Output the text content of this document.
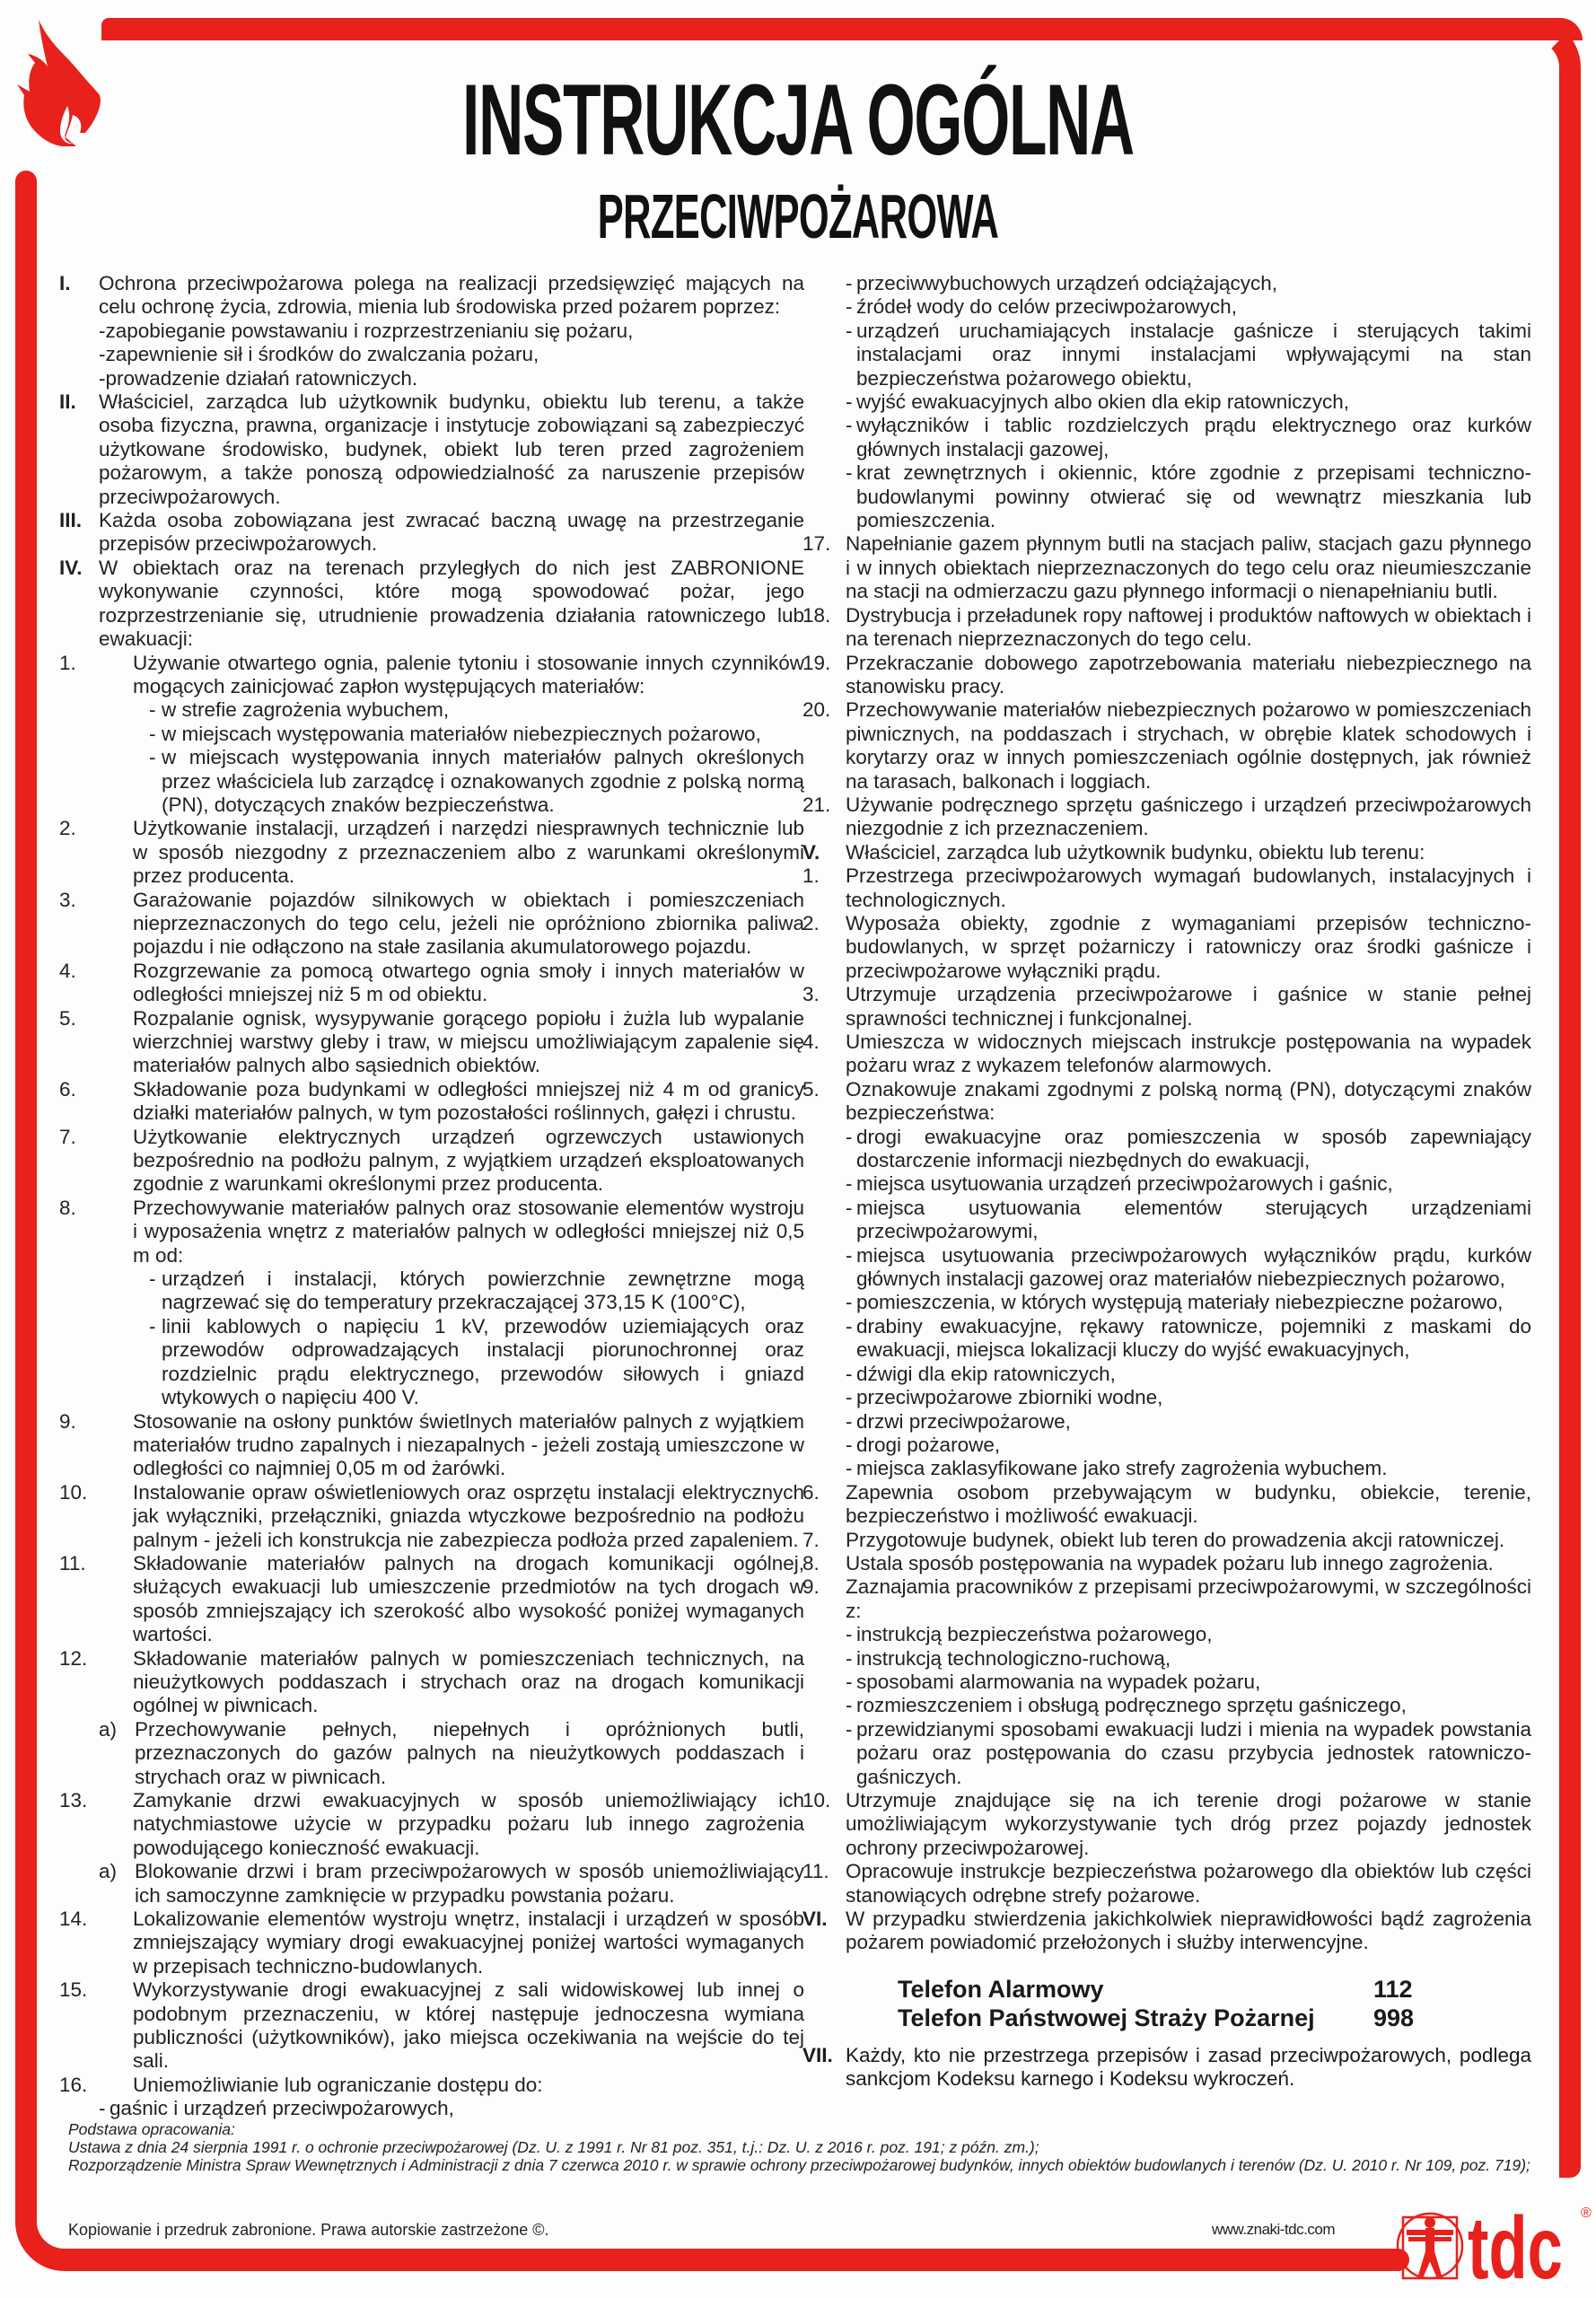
INSTRUKCJA OGÓLNA
PRZECIWPOŻAROWA
I.	Ochrona przeciwpożarowa polega na realizacji przedsięwzięć mających na celu ochronę życia, zdrowia, mienia lub środowiska przed pożarem poprzez:
-zapobieganie powstawaniu i rozprzestrzenianiu się pożaru,
-zapewnienie sił i środków do zwalczania pożaru,
-prowadzenie działań ratowniczych.
II.	Właściciel, zarządca lub użytkownik budynku, obiektu lub terenu, a także osoba fizyczna, prawna, organizacje i instytucje zobowiązani są zabezpieczyć użytkowane środowisko, budynek, obiekt lub teren przed zagrożeniem pożarowym, a także ponoszą odpowiedzialność za naruszenie przepisów przeciwpożarowych.
III. Każda osoba zobowiązana jest zwracać baczną uwagę na przestrzeganie przepisów przeciwpożarowych.
IV. W obiektach oraz na terenach przyległych do nich jest ZABRONIONE wykonywanie czynności, które mogą spowodować pożar, jego rozprzestrzenianie się, utrudnienie prowadzenia działania ratowniczego lub ewakuacji:
1.	Używanie otwartego ognia, palenie tytoniu i stosowanie innych czynników mogących zainicjować zapłon występujących materiałów:
- w strefie zagrożenia wybuchem,
- w miejscach występowania materiałów niebezpiecznych pożarowo,
- w miejscach występowania innych materiałów palnych określonych przez właściciela lub zarządcę i oznakowanych zgodnie z polską normą (PN), dotyczących znaków bezpieczeństwa.
2.	Użytkowanie instalacji, urządzeń i narzędzi niesprawnych technicznie lub w sposób niezgodny z przeznaczeniem albo z warunkami określonymi przez producenta.
3.	Garażowanie pojazdów silnikowych w obiektach i pomieszczeniach nieprzeznaczonych do tego celu, jeżeli nie opróżniono zbiornika paliwa pojazdu i nie odłączono na stałe zasilania akumulatorowego pojazdu.
4.	Rozgrzewanie za pomocą otwartego ognia smoły i innych materiałów w odległości mniejszej niż 5 m od obiektu.
5.	Rozpalanie ognisk, wysypywanie gorącego popiołu i żużla lub wypalanie wierzchniej warstwy gleby i traw, w miejscu umożliwiającym zapalenie się materiałów palnych albo sąsiednich obiektów.
6.	Składowanie poza budynkami w odległości mniejszej niż 4 m od granicy działki materiałów palnych, w tym pozostałości roślinnych, gałęzi i chrustu.
7.	Użytkowanie elektrycznych urządzeń ogrzewczych ustawionych bezpośrednio na podłożu palnym, z wyjątkiem urządzeń eksploatowanych zgodnie z warunkami określonymi przez producenta.
8.	Przechowywanie materiałów palnych oraz stosowanie elementów wystroju i wyposażenia wnętrz z materiałów palnych w odległości mniejszej niż 0,5 m od:
- urządzeń i instalacji, których powierzchnie zewnętrzne mogą nagrzewać się do temperatury przekraczającej 373,15 K (100°C),
- linii kablowych o napięciu 1 kV, przewodów uziemiających oraz przewodów odprowadzających instalacji piorunochronnej oraz rozdzielnic prądu elektrycznego, przewodów siłowych i gniazd wtykowych o napięciu 400 V.
9.	Stosowanie na osłony punktów świetlnych materiałów palnych z wyjątkiem materiałów trudno zapalnych i niezapalnych - jeżeli zostają umieszczone w odległości co najmniej 0,05 m od żarówki.
10.	Instalowanie opraw oświetleniowych oraz osprzętu instalacji elektrycznych jak wyłączniki, przełączniki, gniazda wtyczkowe bezpośrednio na podłożu palnym - jeżeli ich konstrukcja nie zabezpiecza podłoża przed zapaleniem.
11.	Składowanie materiałów palnych na drogach komunikacji ogólnej, służących ewakuacji lub umieszczenie przedmiotów na tych drogach w sposób zmniejszający ich szerokość albo wysokość poniżej wymaganych wartości.
12.	Składowanie materiałów palnych w pomieszczeniach technicznych, na nieużytkowych poddaszach i strychach oraz na drogach komunikacji ogólnej w piwnicach.
a) Przechowywanie pełnych, niepełnych i opróżnionych butli, przeznaczonych do gazów palnych na nieużytkowych poddaszach i strychach oraz w piwnicach.
13.	Zamykanie drzwi ewakuacyjnych w sposób uniemożliwiający ich natychmiastowe użycie w przypadku pożaru lub innego zagrożenia powodującego konieczność ewakuacji.
a) Blokowanie drzwi i bram przeciwpożarowych w sposób uniemożliwiający ich samoczynne zamknięcie w przypadku powstania pożaru.
14.	Lokalizowanie elementów wystroju wnętrz, instalacji i urządzeń w sposób zmniejszający wymiary drogi ewakuacyjnej poniżej wartości wymaganych w przepisach techniczno-budowlanych.
15.	Wykorzystywanie drogi ewakuacyjnej z sali widowiskowej lub innej o podobnym przeznaczeniu, w której następuje jednoczesna wymiana publiczności (użytkowników), jako miejsca oczekiwania na wejście do tej sali.
16.	Uniemożliwianie lub ograniczanie dostępu do:
- gaśnic i urządzeń przeciwpożarowych,
- przeciwwybuchowych urządzeń odciążających,
- źródeł wody do celów przeciwpożarowych,
- urządzeń uruchamiających instalacje gaśnicze i sterujących takimi instalacjami oraz innymi instalacjami wpływającymi na stan bezpieczeństwa pożarowego obiektu,
- wyjść ewakuacyjnych albo okien dla ekip ratowniczych,
- wyłączników i tablic rozdzielczych prądu elektrycznego oraz kurków głównych instalacji gazowej,
- krat zewnętrznych i okiennic, które zgodnie z przepisami techniczno-budowlanymi powinny otwierać się od wewnątrz mieszkania lub pomieszczenia.
17. Napełnianie gazem płynnym butli na stacjach paliw, stacjach gazu płynnego i w innych obiektach nieprzeznaczonych do tego celu oraz nieumieszczanie na stacji na odmierzaczu gazu płynnego informacji o nienapełnianiu butli.
18. Dystrybucja i przeładunek ropy naftowej i produktów naftowych w obiektach i na terenach nieprzeznaczonych do tego celu.
19. Przekraczanie dobowego zapotrzebowania materiału niebezpiecznego na stanowisku pracy.
20. Przechowywanie materiałów niebezpiecznych pożarowo w pomieszczeniach piwnicznych, na poddaszach i strychach, w obrębie klatek schodowych i korytarzy oraz w innych pomieszczeniach ogólnie dostępnych, jak również na tarasach, balkonach i loggiach.
21. Używanie podręcznego sprzętu gaśniczego i urządzeń przeciwpożarowych niezgodnie z ich przeznaczeniem.
V.	Właściciel, zarządca lub użytkownik budynku, obiektu lub terenu:
1.	Przestrzega przeciwpożarowych wymagań budowlanych, instalacyjnych i technologicznych.
2.	Wyposaża obiekty, zgodnie z wymaganiami przepisów techniczno-budowlanych, w sprzęt pożarniczy i ratowniczy oraz środki gaśnicze i przeciwpożarowe wyłączniki prądu.
3.	Utrzymuje urządzenia przeciwpożarowe i gaśnice w stanie pełnej sprawności technicznej i funkcjonalnej.
4.	Umieszcza w widocznych miejscach instrukcje postępowania na wypadek pożaru wraz z wykazem telefonów alarmowych.
5.	Oznakowuje znakami zgodnymi z polską normą (PN), dotyczącymi znaków bezpieczeństwa:
- drogi ewakuacyjne oraz pomieszczenia w sposób zapewniający dostarczenie informacji niezbędnych do ewakuacji,
- miejsca usytuowania urządzeń przeciwpożarowych i gaśnic,
- miejsca usytuowania elementów sterujących urządzeniami przeciwpożarowymi,
- miejsca usytuowania przeciwpożarowych wyłączników prądu, kurków głównych instalacji gazowej oraz materiałów niebezpiecznych pożarowo,
- pomieszczenia, w których występują materiały niebezpieczne pożarowo,
- drabiny ewakuacyjne, rękawy ratownicze, pojemniki z maskami do ewakuacji, miejsca lokalizacji kluczy do wyjść ewakuacyjnych,
- dźwigi dla ekip ratowniczych,
- przeciwpożarowe zbiorniki wodne,
- drzwi przeciwpożarowe,
- drogi pożarowe,
- miejsca zaklasyfikowane jako strefy zagrożenia wybuchem.
6.	Zapewnia osobom przebywającym w budynku, obiekcie, terenie, bezpieczeństwo i możliwość ewakuacji.
7.	Przygotowuje budynek, obiekt lub teren do prowadzenia akcji ratowniczej.
8.	Ustala sposób postępowania na wypadek pożaru lub innego zagrożenia.
9.	Zaznajamia pracowników z przepisami przeciwpożarowymi, w szczególności z:
- instrukcją bezpieczeństwa pożarowego,
- instrukcją technologiczno-ruchową,
- sposobami alarmowania na wypadek pożaru,
- rozmieszczeniem i obsługą podręcznego sprzętu gaśniczego,
- przewidzianymi sposobami ewakuacji ludzi i mienia na wypadek powstania pożaru oraz postępowania do czasu przybycia jednostek ratowniczo-gaśniczych.
10. Utrzymuje znajdujące się na ich terenie drogi pożarowe w stanie umożliwiającym wykorzystywanie tych dróg przez pojazdy jednostek ochrony przeciwpożarowej.
11. Opracowuje instrukcje bezpieczeństwa pożarowego dla obiektów lub części stanowiących odrębne strefy pożarowe.
VI. W przypadku stwierdzenia jakichkolwiek nieprawidłowości bądź zagrożenia pożarem powiadomić przełożonych i służby interwencyjne.
Telefon Alarmowy	112
Telefon Państwowej Straży Pożarnej 998
VII. Każdy, kto nie przestrzega przepisów i zasad przeciwpożarowych, podlega sankcjom Kodeksu karnego i Kodeksu wykroczeń.
Podstawa opracowania:
Ustawa z dnia 24 sierpnia 1991 r. o ochronie przeciwpożarowej (Dz. U. z 1991 r. Nr 81 poz. 351, t.j.: Dz. U. z 2016 r. poz. 191; z późn. zm.);
Rozporządzenie Ministra Spraw Wewnętrznych i Administracji z dnia 7 czerwca 2010 r. w sprawie ochrony przeciwpożarowej budynków, innych obiektów budowlanych i terenów (Dz. U. 2010 r. Nr 109, poz. 719);
Kopiowanie i przedruk zabronione. Prawa autorskie zastrzeżone ©.	www.znaki-tdc.com tdc ®
